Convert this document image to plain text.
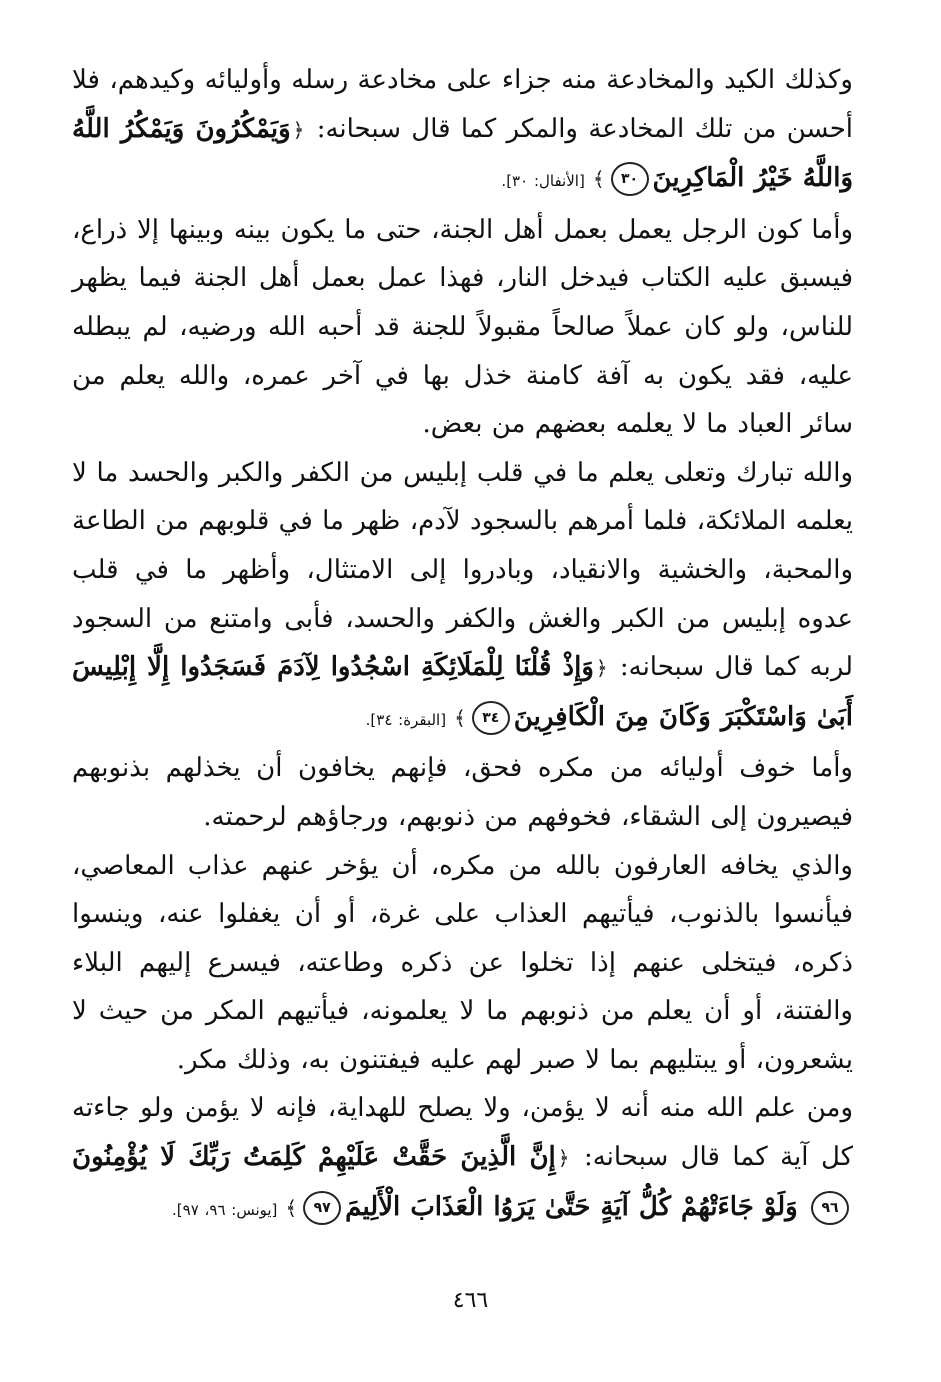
وكذلك الكيد والمخادعة منه جزاء على مخادعة رسله وأوليائه وكيدهم، فلا أحسن من تلك المخادعة والمكر كما قال سبحانه: ﴿وَيَمْكُرُونَ وَيَمْكُرُ اللَّهُ وَاللَّهُ خَيْرُ الْمَاكِرِينَ٣٠﴾[الأنفال: ٣٠].

وأما كون الرجل يعمل بعمل أهل الجنة، حتى ما يكون بينه وبينها إلا ذراع، فيسبق عليه الكتاب فيدخل النار، فهذا عمل بعمل أهل الجنة فيما يظهر للناس، ولو كان عملاً صالحاً مقبولاً للجنة قد أحبه الله ورضيه، لم يبطله عليه، فقد يكون به آفة كامنة خذل بها في آخر عمره، والله يعلم من سائر العباد ما لا يعلمه بعضهم من بعض.

والله تبارك وتعلى يعلم ما في قلب إبليس من الكفر والكبر والحسد ما لا يعلمه الملائكة، فلما أمرهم بالسجود لآدم، ظهر ما في قلوبهم من الطاعة والمحبة، والخشية والانقياد، وبادروا إلى الامتثال، وأظهر ما في قلب عدوه إبليس من الكبر والغش والكفر والحسد، فأبى وامتنع من السجود لربه كما قال سبحانه: ﴿وَإِذْ قُلْنَا لِلْمَلَائِكَةِ اسْجُدُوا لِآدَمَ فَسَجَدُوا إِلَّا إِبْلِيسَ أَبَىٰ وَاسْتَكْبَرَ وَكَانَ مِنَ الْكَافِرِينَ٣٤﴾[البقرة: ٣٤].

وأما خوف أوليائه من مكره فحق، فإنهم يخافون أن يخذلهم بذنوبهم فيصيرون إلى الشقاء، فخوفهم من ذنوبهم، ورجاؤهم لرحمته.

والذي يخافه العارفون بالله من مكره، أن يؤخر عنهم عذاب المعاصي، فيأنسوا بالذنوب، فيأتيهم العذاب على غرة، أو أن يغفلوا عنه، وينسوا ذكره، فيتخلى عنهم إذا تخلوا عن ذكره وطاعته، فيسرع إليهم البلاء والفتنة، أو أن يعلم من ذنوبهم ما لا يعلمونه، فيأتيهم المكر من حيث لا يشعرون، أو يبتليهم بما لا صبر لهم عليه فيفتنون به، وذلك مكر.

ومن علم الله منه أنه لا يؤمن، ولا يصلح للهداية، فإنه لا يؤمن ولو جاءته كل آية كما قال سبحانه: ﴿إِنَّ الَّذِينَ حَقَّتْ عَلَيْهِمْ كَلِمَتُ رَبِّكَ لَا يُؤْمِنُونَ٩٦ وَلَوْ جَاءَتْهُمْ كُلُّ آيَةٍ حَتَّىٰ يَرَوُا الْعَذَابَ الْأَلِيمَ٩٧﴾[يونس: ٩٦، ٩٧].

٤٦٦
